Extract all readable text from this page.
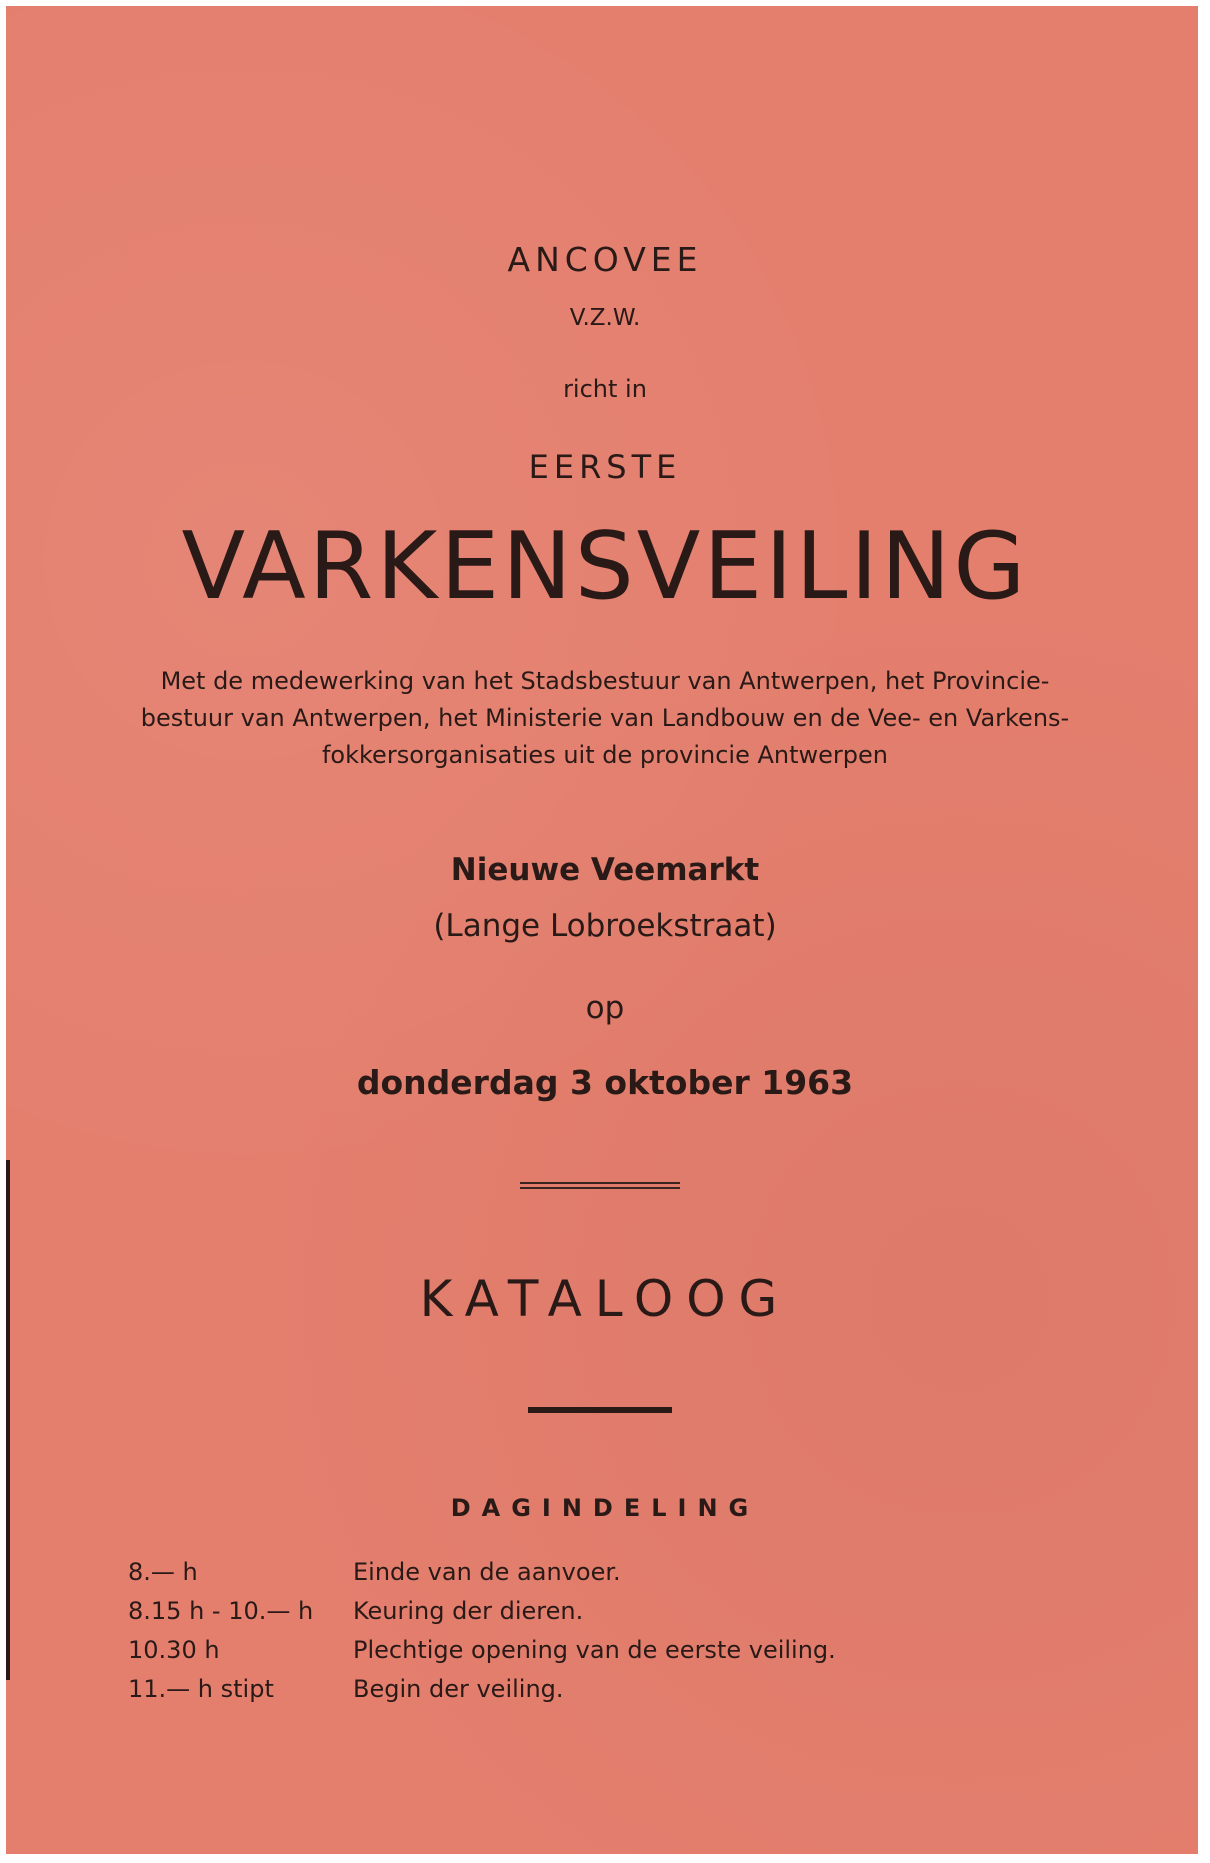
ANCOVEE
V.Z.W.
richt in
EERSTE
VARKENSVEILING
Met de medewerking van het Stadsbestuur van Antwerpen, het Provincie-
bestuur van Antwerpen, het Ministerie van Landbouw en de Vee- en Varkens-
fokkersorganisaties uit de provincie Antwerpen
Nieuwe Veemarkt
(Lange Lobroekstraat)
op
donderdag 3 oktober 1963
KATALOOG
DAGINDELING
8.— h	Einde van de aanvoer.
8.15 h - 10.— h	Keuring der dieren.
10.30 h	Plechtige opening van de eerste veiling.
11.— h stipt	Begin der veiling.
